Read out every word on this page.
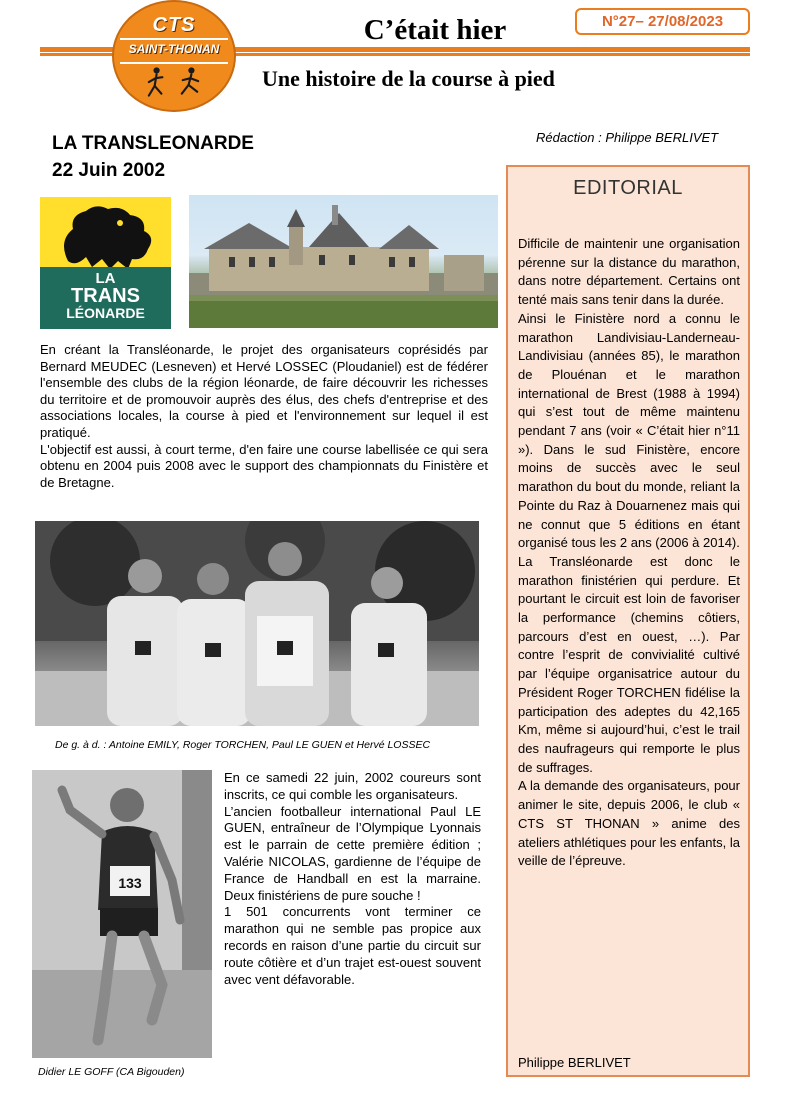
CTS
SAINT-THONAN
C’était hier	N°27– 27/08/2023
Une histoire de la course à pied
LA TRANSLEONARDE
22 Juin 2002
Rédaction : Philippe BERLIVET
LA
TRANS
LÉONARDE

En créant la Transléonarde, le projet des organisateurs coprésidés par Bernard MEUDEC (Lesneven) et Hervé LOSSEC (Ploudaniel) est de fédérer l'ensemble des clubs de la région léonarde, de faire découvrir les richesses du territoire et de promouvoir auprès des élus, des chefs d'entreprise et des associations locales, la course à pied et l'environnement sur lequel il est pratiqué.

L'objectif est aussi, à court terme, d'en faire une course labellisée ce qui sera obtenu en 2004 puis 2008 avec le support des championnats du Finistère et de Bretagne.

De g. à d. : Antoine EMILY, Roger TORCHEN, Paul LE GUEN et Hervé LOSSEC
133
Didier LE GOFF (CA Bigouden)

En ce samedi 22 juin, 2002 coureurs sont inscrits, ce qui comble les organisateurs.

L’ancien footballeur international Paul LE GUEN, entraîneur de l’Olympique Lyonnais est le parrain de cette première édition ; Valérie NICOLAS, gardienne de l’équipe de France de Handball en est la marraine. Deux finistériens de pure souche !

1 501 concurrents vont terminer ce marathon qui ne semble pas propice aux records en raison d’une partie du circuit sur route côtière et d’un trajet est-ouest souvent avec vent défavorable.

EDITORIAL

Difficile de maintenir une organisation pérenne sur la distance du marathon, dans notre département. Certains ont tenté mais sans tenir dans la durée.

Ainsi le Finistère nord a connu le marathon Landivisiau-Landerneau-Landivisiau (années 85), le marathon de Plouénan et le marathon international de Brest (1988 à 1994) qui s’est tout de même maintenu pendant 7 ans (voir « C’était hier n°11 »). Dans le sud Finistère, encore moins de succès avec le seul marathon du bout du monde, reliant la Pointe du Raz à Douarnenez mais qui ne connut que 5 éditions en étant organisé tous les 2 ans (2006 à 2014).

La Transléonarde est donc le marathon finistérien qui perdure. Et pourtant le circuit est loin de favoriser la performance (chemins côtiers, parcours d’est en ouest, …). Par contre l’esprit de convivialité cultivé par l’équipe organisatrice autour du Président Roger TORCHEN fidélise la participation des adeptes du 42,165 Km, même si aujourd’hui, c’est le trail des naufrageurs qui remporte le plus de suffrages.

A la demande des organisateurs, pour animer le site, depuis 2006, le club « CTS ST THONAN » anime des ateliers athlétiques pour les enfants, la veille de l’épreuve.

Philippe BERLIVET
